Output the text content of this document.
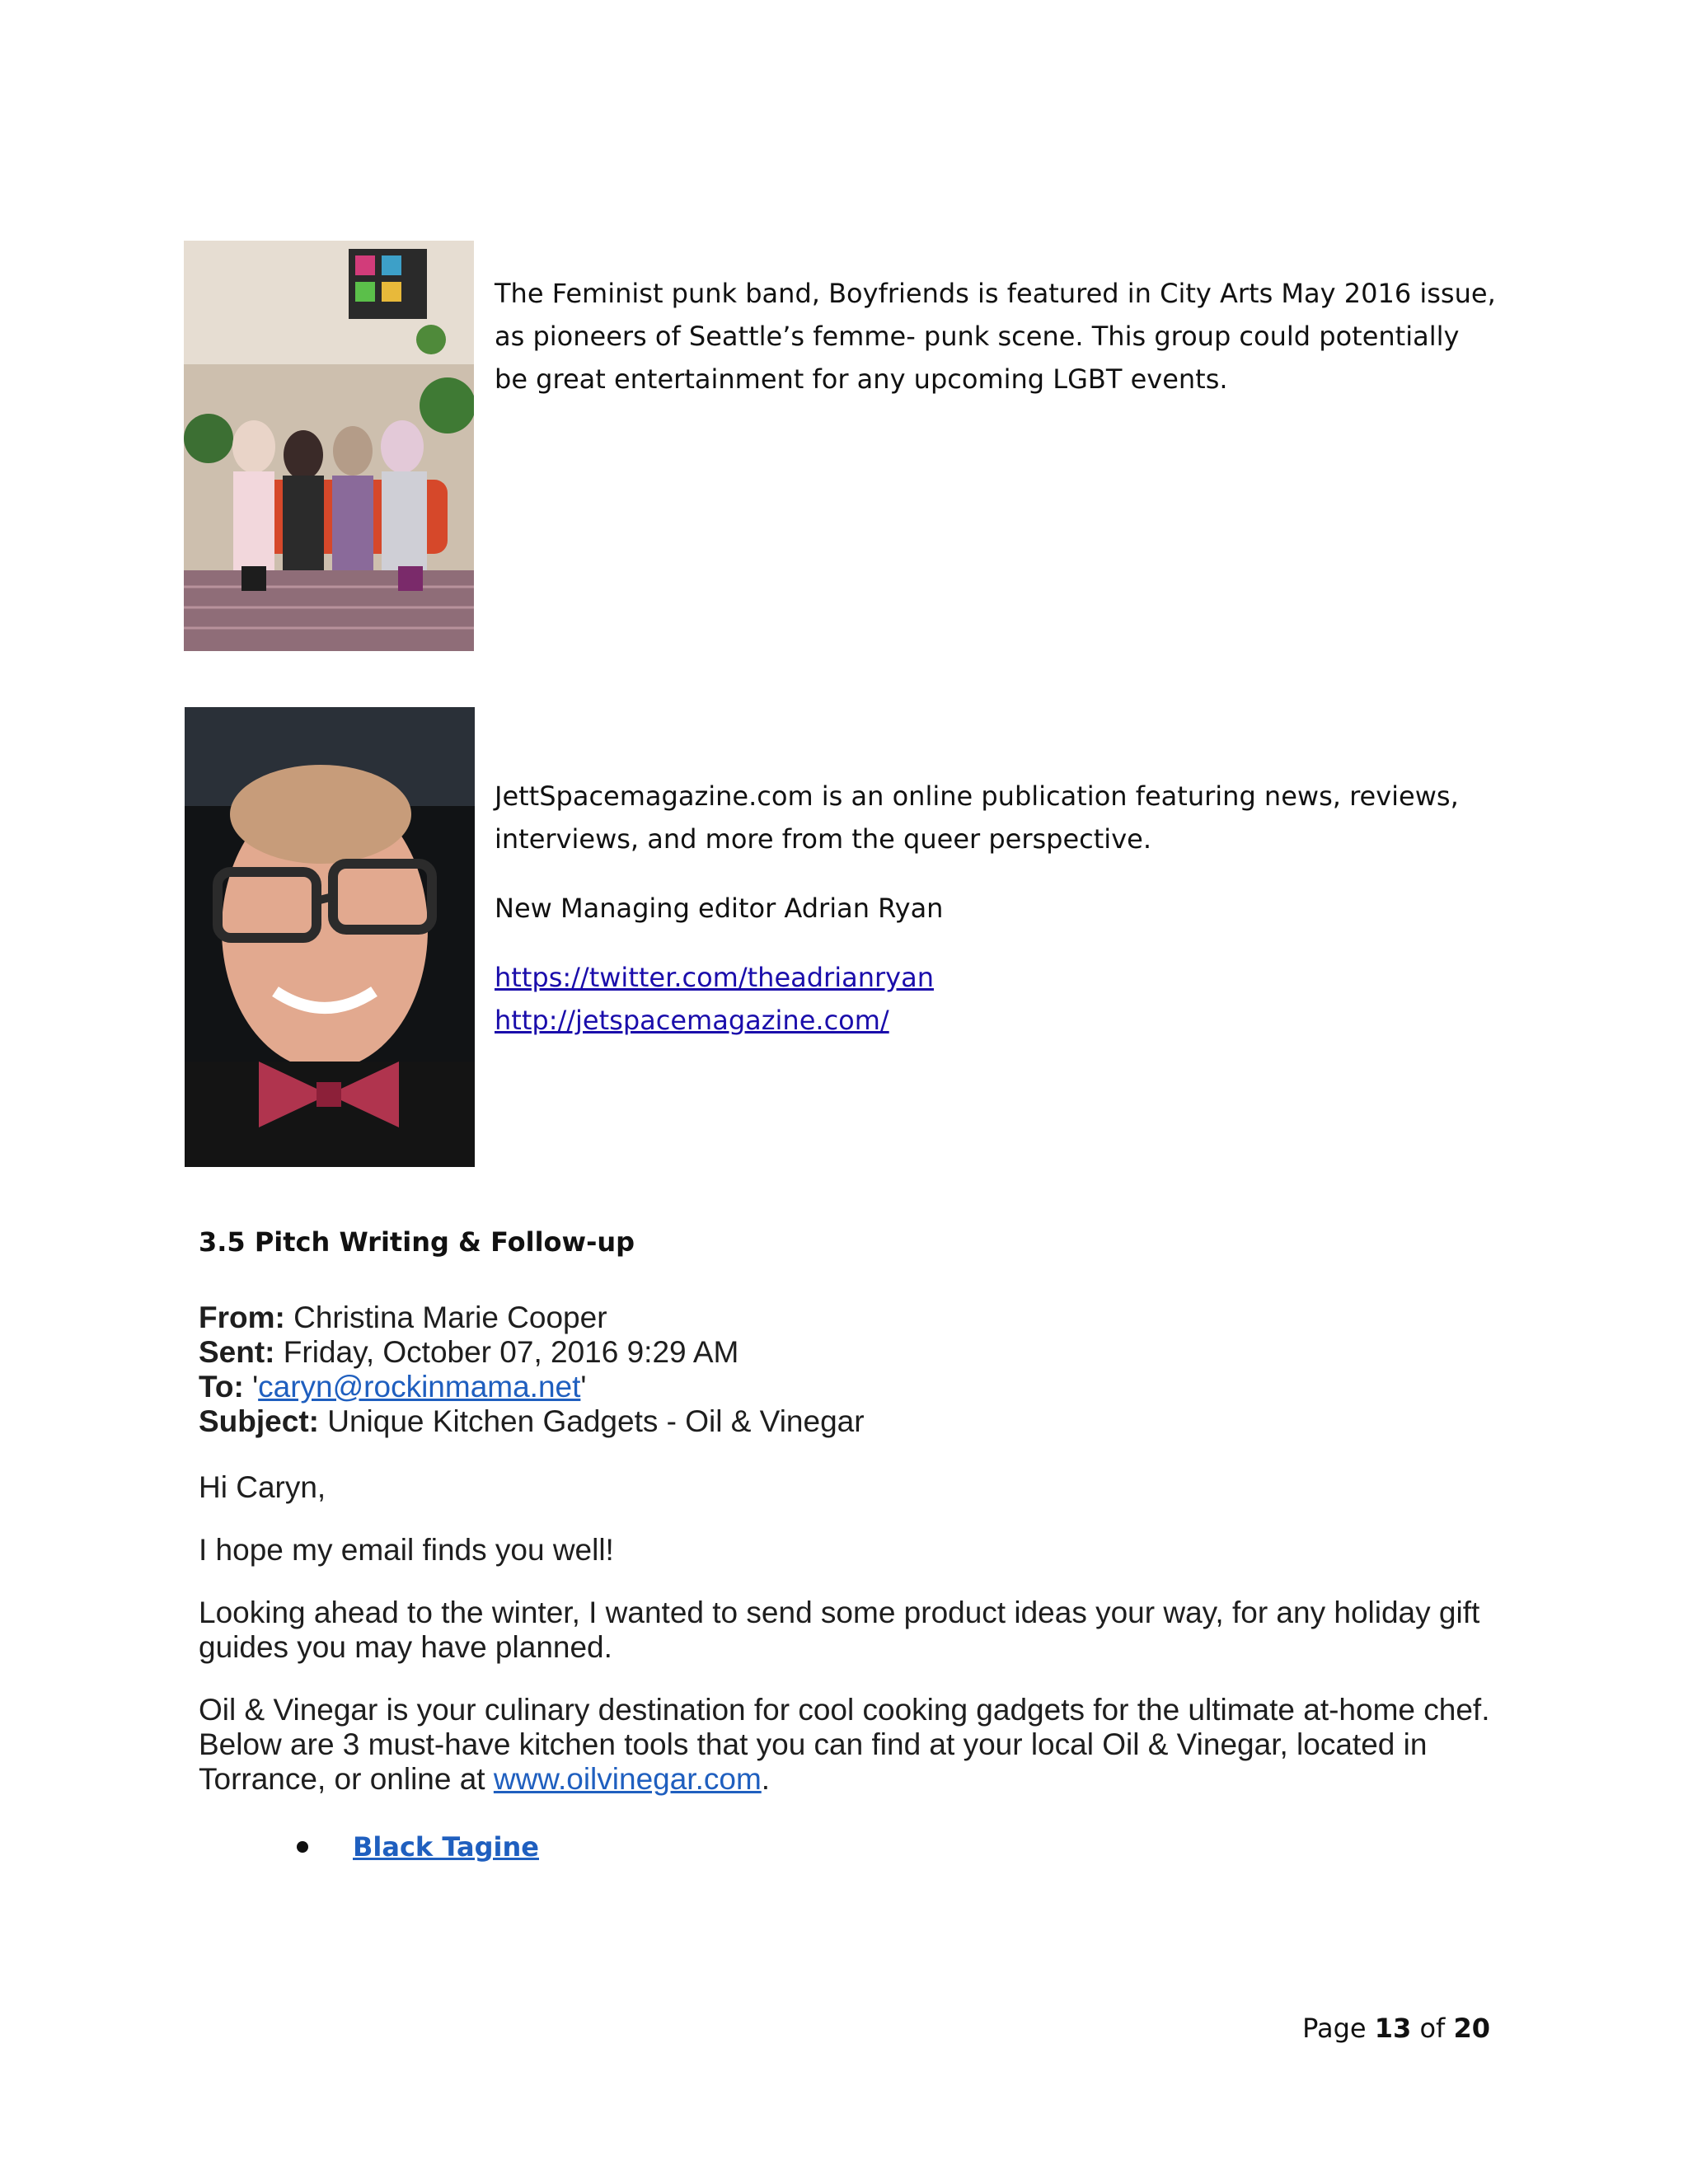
The Feminist punk band, Boyfriends is featured in City Arts May 2016 issue, as pioneers of Seattle’s femme- punk scene. This group could potentially be great entertainment for any upcoming LGBT events.

JettSpacemagazine.com is an online publication featuring news, reviews, interviews, and more from the queer perspective.

New Managing editor Adrian Ryan

https://twitter.com/theadrianryan

http://jetspacemagazine.com/

3.5 Pitch Writing & Follow-up
From: Christina Marie Cooper
Sent: Friday, October 07, 2016 9:29 AM
To: 'caryn@rockinmama.net'
Subject: Unique Kitchen Gadgets - Oil & Vinegar

Hi Caryn,

I hope my email finds you well!

Looking ahead to the winter, I wanted to send some product ideas your way, for any holiday gift guides you may have planned.

Oil & Vinegar is your culinary destination for cool cooking gadgets for the ultimate at-home chef. Below are 3 must-have kitchen tools that you can find at your local Oil & Vinegar, located in Torrance, or online at www.oilvinegar.com.

Black Tagine
Page 13 of 20
